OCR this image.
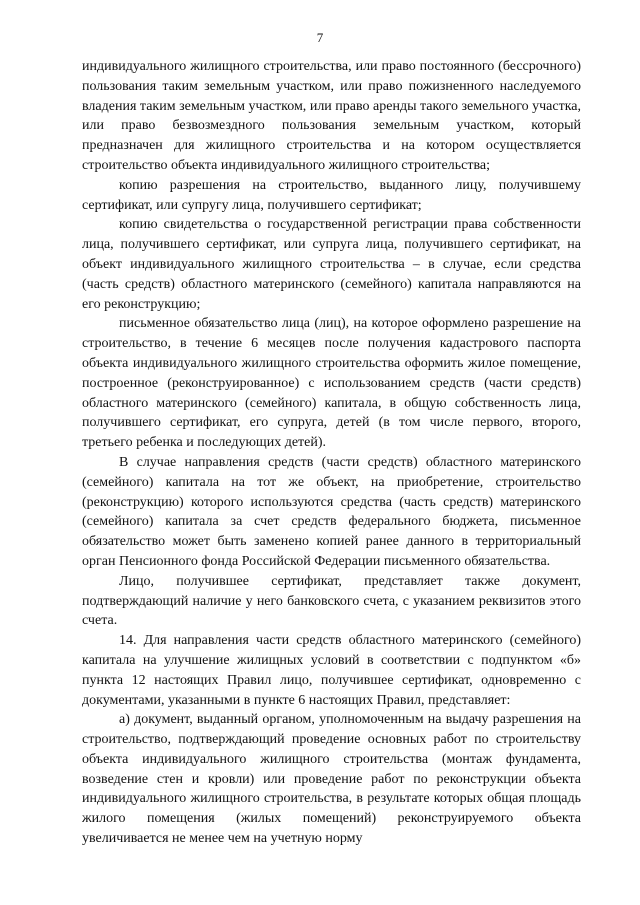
7

индивидуального жилищного строительства, или право постоянного (бессрочного) пользования таким земельным участком, или право пожизненного наследуемого владения таким земельным участком, или право аренды такого земельного участка, или право безвозмездного пользования земельным участком, который предназначен для жилищного строительства и на котором осуществляется строительство объекта индивидуального жилищного строительства;

копию разрешения на строительство, выданного лицу, получившему сертификат, или супругу лица, получившего сертификат;

копию свидетельства о государственной регистрации права собственности лица, получившего сертификат, или супруга лица, получившего сертификат, на объект индивидуального жилищного строительства – в случае, если средства (часть средств) областного материнского (семейного) капитала направляются на его реконструкцию;

письменное обязательство лица (лиц), на которое оформлено разрешение на строительство, в течение 6 месяцев после получения кадастрового паспорта объекта индивидуального жилищного строительства оформить жилое помещение, построенное (реконструированное) с использованием средств (части средств) областного материнского (семейного) капитала, в общую собственность лица, получившего сертификат, его супруга, детей (в том числе первого, второго, третьего ребенка и последующих детей).

В случае направления средств (части средств) областного материнского (семейного) капитала на тот же объект, на приобретение, строительство (реконструкцию) которого используются средства (часть средств) материнского (семейного) капитала за счет средств федерального бюджета, письменное обязательство может быть заменено копией ранее данного в территориальный орган Пенсионного фонда Российской Федерации письменного обязательства.

Лицо, получившее сертификат, представляет также документ, подтверждающий наличие у него банковского счета, с указанием реквизитов этого счета.

14. Для направления части средств областного материнского (семейного) капитала на улучшение жилищных условий в соответствии с подпунктом «б» пункта 12 настоящих Правил лицо, получившее сертификат, одновременно с документами, указанными в пункте 6 настоящих Правил, представляет:

а) документ, выданный органом, уполномоченным на выдачу разрешения на строительство, подтверждающий проведение основных работ по строительству объекта индивидуального жилищного строительства (монтаж фундамента, возведение стен и кровли) или проведение работ по реконструкции объекта индивидуального жилищного строительства, в результате которых общая площадь жилого помещения (жилых помещений) реконструируемого объекта увеличивается не менее чем на учетную норму
